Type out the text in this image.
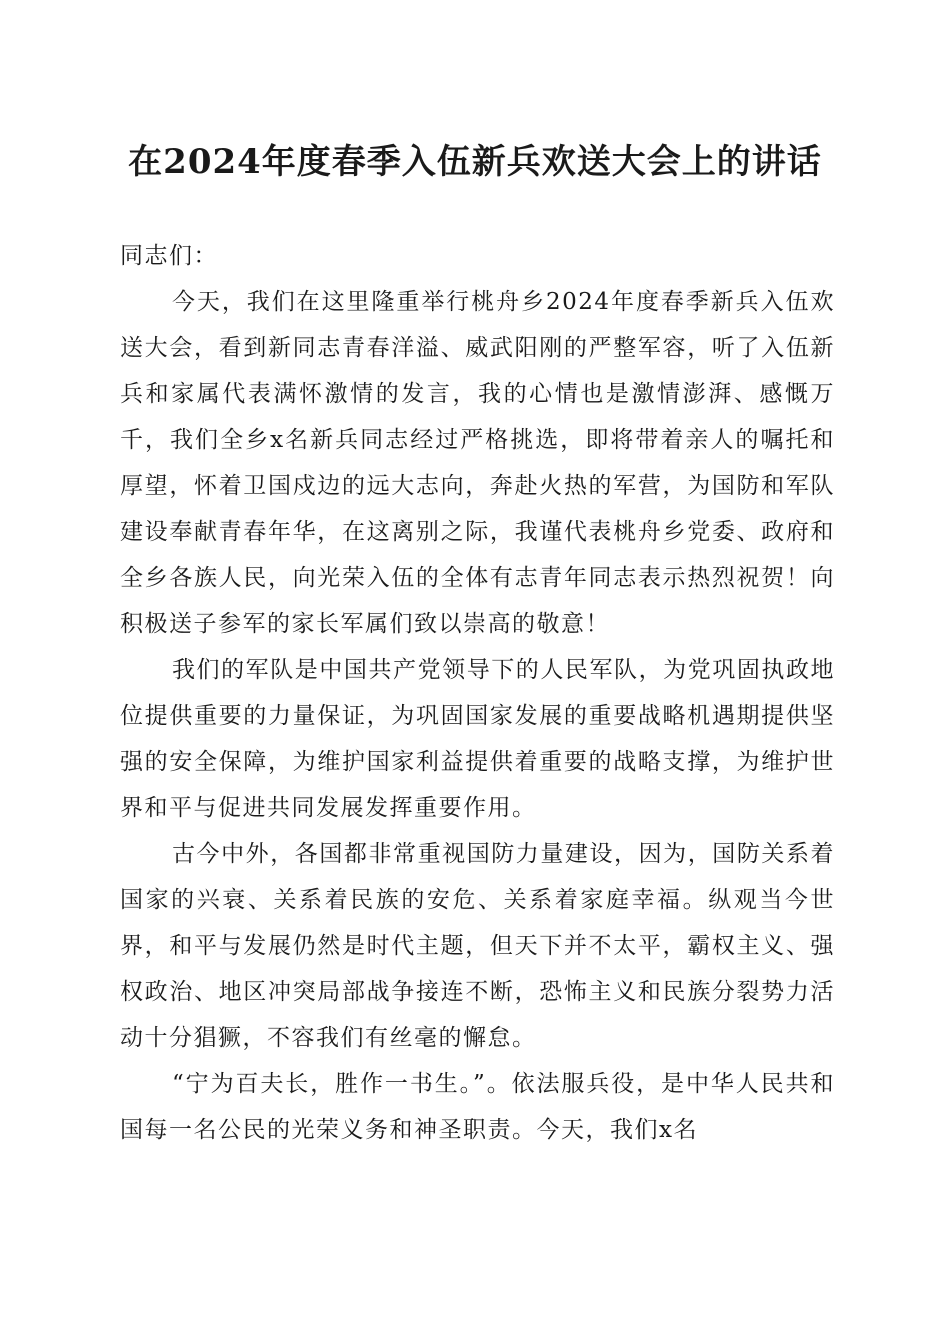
在2024年度春季入伍新兵欢送大会上的讲话

同志们：

今天，我们在这里隆重举行桃舟乡2024年度春季新兵入伍欢送大会，看到新同志青春洋溢、威武阳刚的严整军容，听了入伍新兵和家属代表满怀激情的发言，我的心情也是激情澎湃、感慨万千，我们全乡x名新兵同志经过严格挑选，即将带着亲人的嘱托和厚望，怀着卫国戍边的远大志向，奔赴火热的军营，为国防和军队建设奉献青春年华，在这离别之际，我谨代表桃舟乡党委、政府和全乡各族人民，向光荣入伍的全体有志青年同志表示热烈祝贺！向积极送子参军的家长军属们致以崇高的敬意！

我们的军队是中国共产党领导下的人民军队，为党巩固执政地位提供重要的力量保证，为巩固国家发展的重要战略机遇期提供坚强的安全保障，为维护国家利益提供着重要的战略支撑，为维护世界和平与促进共同发展发挥重要作用。

古今中外，各国都非常重视国防力量建设，因为，国防关系着国家的兴衰、关系着民族的安危、关系着家庭幸福。纵观当今世界，和平与发展仍然是时代主题，但天下并不太平，霸权主义、强权政治、地区冲突局部战争接连不断，恐怖主义和民族分裂势力活动十分猖獗，不容我们有丝毫的懈怠。

“宁为百夫长，胜作一书生。”。依法服兵役，是中华人民共和国每一名公民的光荣义务和神圣职责。今天，我们x名
